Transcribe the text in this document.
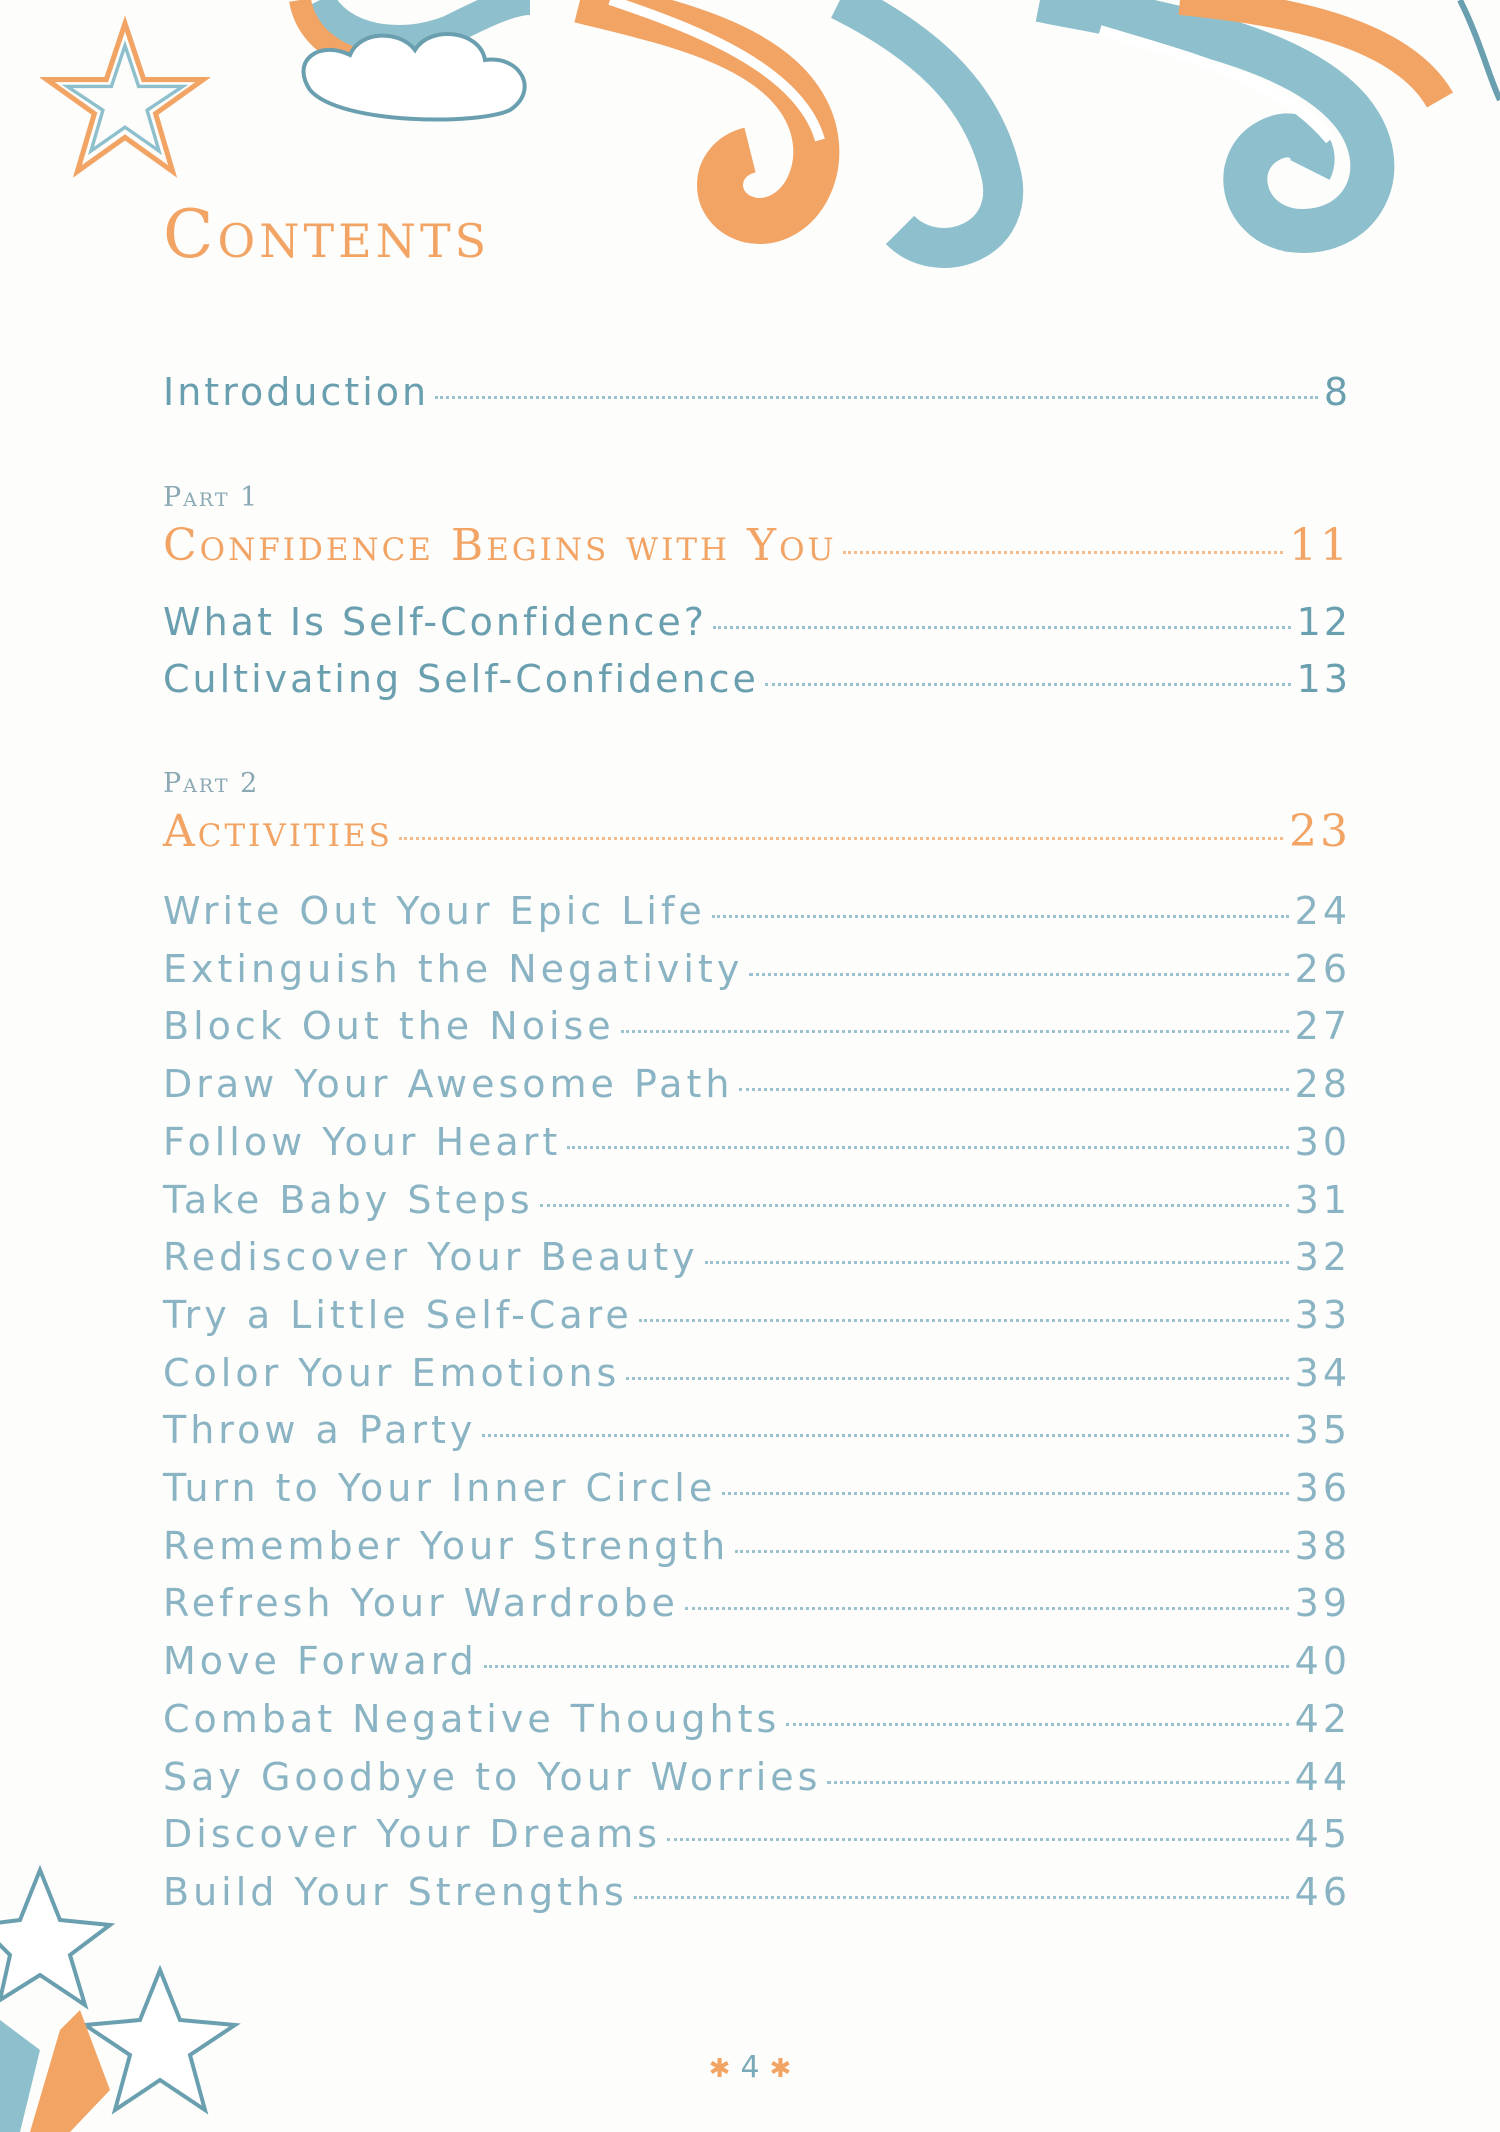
Contents
Introduction	8
Part 1
Confidence Begins with You	11
What Is Self-Confidence?	12
Cultivating Self-Confidence	13
Part 2
Activities	23
Write Out Your Epic Life	24
Extinguish the Negativity	26
Block Out the Noise	27
Draw Your Awesome Path	28
Follow Your Heart	30
Take Baby Steps	31
Rediscover Your Beauty	32
Try a Little Self-Care	33
Color Your Emotions	34
Throw a Party	35
Turn to Your Inner Circle	36
Remember Your Strength	38
Refresh Your Wardrobe	39
Move Forward	40
Combat Negative Thoughts	42
Say Goodbye to Your Worries	44
Discover Your Dreams	45
Build Your Strengths	46
✱ 4 ✱
